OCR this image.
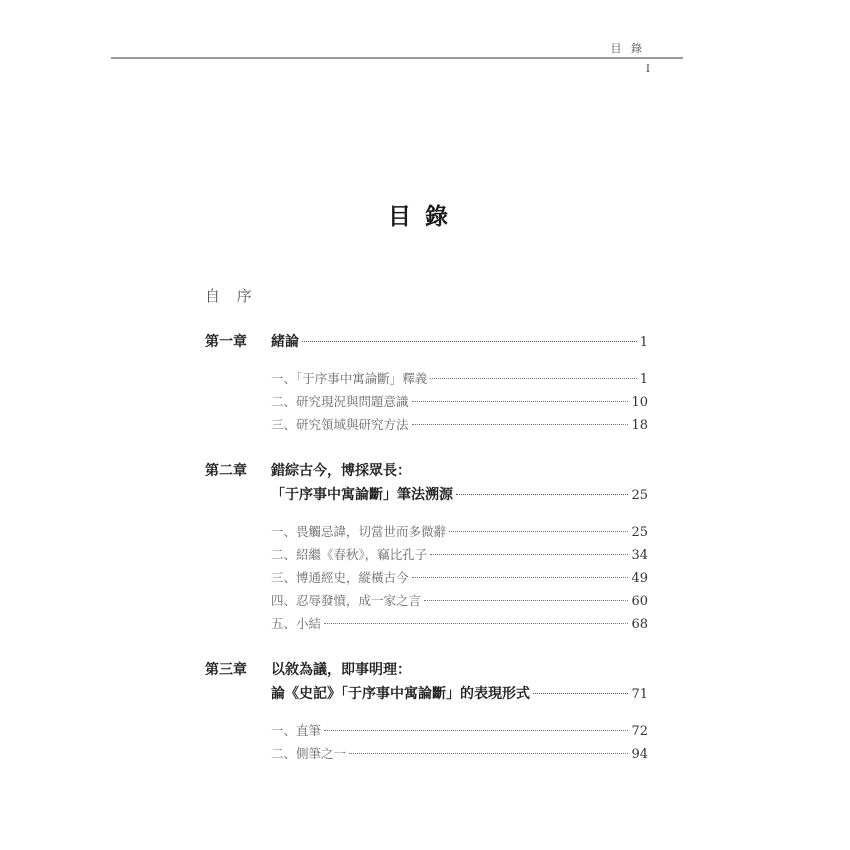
目 錄
I
目錄
自 序
第一章	緒論	1
一、「于序事中寓論斷」釋義	1
二、研究現況與問題意識	10
三、研究領域與研究方法	18
第二章	錯綜古今，博採眾長：
「于序事中寓論斷」筆法溯源	25
一、畏觸忌諱，切當世而多微辭	25
二、紹繼《春秋》，竊比孔子	34
三、博通經史，縱橫古今	49
四、忍辱發憤，成一家之言	60
五、小結	68
第三章	以敘為議，即事明理：
論《史記》「于序事中寓論斷」的表現形式	71
一、直筆	72
二、側筆之一	94
